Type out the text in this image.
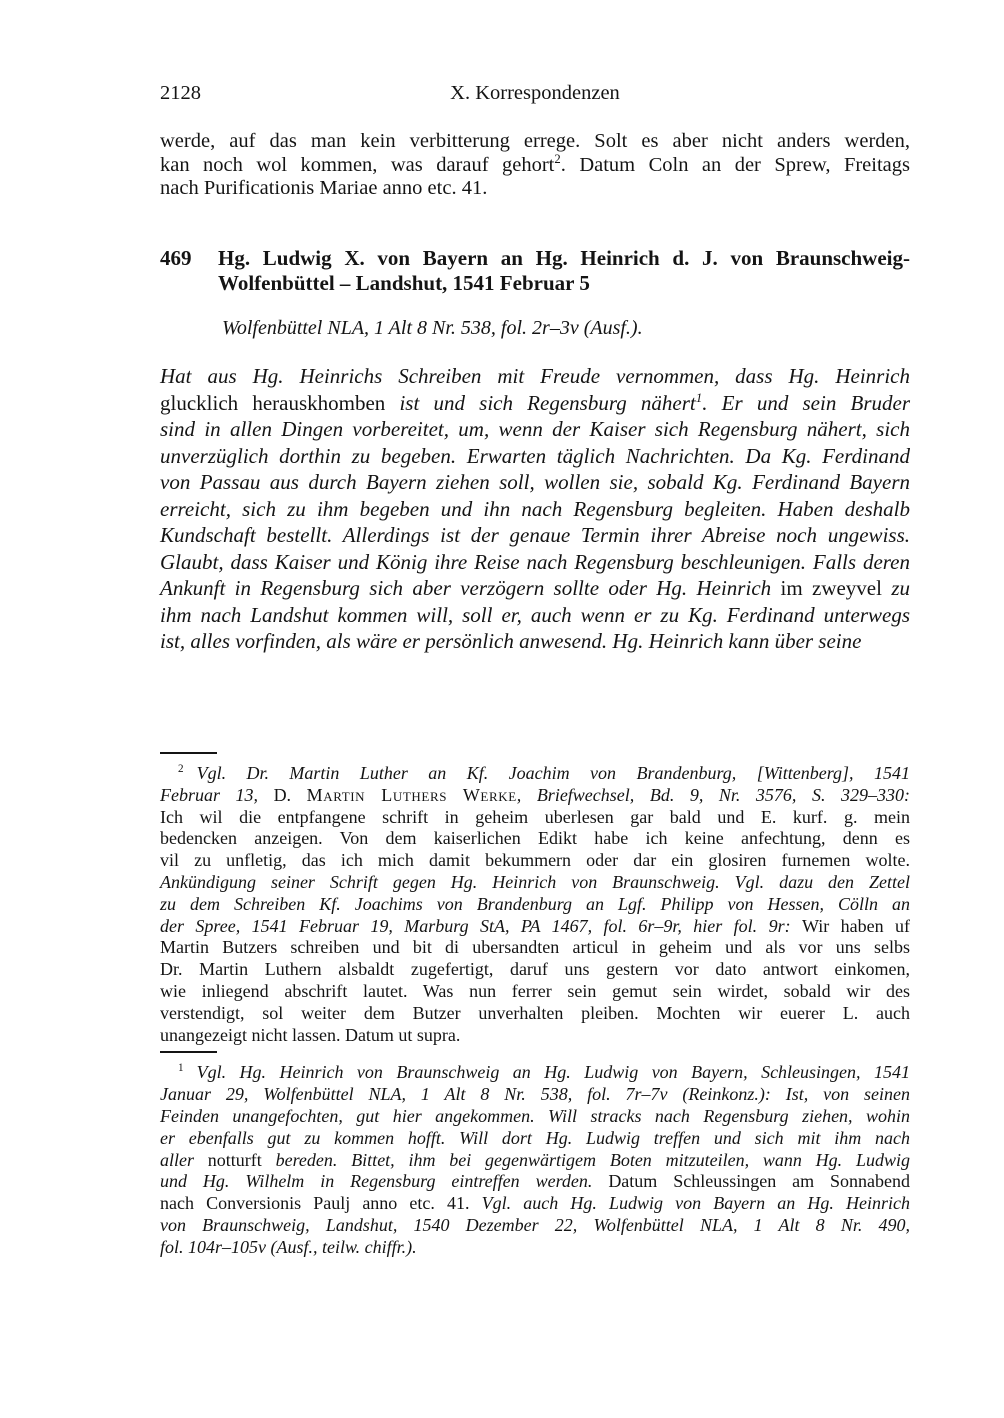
2128	X. Korrespondenzen
werde, auf das man kein verbitterung errege. Solt es aber nicht anders werden,
kan noch wol kommen, was darauf gehort$^2$. Datum Coln an der Sprew, Freitags
nach Purificationis Mariae anno etc. 41.
469	Hg. Ludwig X. von Bayern an Hg. Heinrich d. J. von Braunschweig-
Wolfenbüttel – Landshut, 1541 Februar 5
Wolfenbüttel NLA, 1 Alt 8 Nr. 538, fol. 2r–3v (Ausf.).
Hat aus Hg. Heinrichs Schreiben mit Freude vernommen, dass Hg. Heinrich
glucklich herauskhomben ist und sich Regensburg nähert$^1$. Er und sein Bruder
sind in allen Dingen vorbereitet, um, wenn der Kaiser sich Regensburg nähert, sich
unverzüglich dorthin zu begeben. Erwarten täglich Nachrichten. Da Kg. Ferdinand
von Passau aus durch Bayern ziehen soll, wollen sie, sobald Kg. Ferdinand Bayern
erreicht, sich zu ihm begeben und ihn nach Regensburg begleiten. Haben deshalb
Kundschaft bestellt. Allerdings ist der genaue Termin ihrer Abreise noch ungewiss.
Glaubt, dass Kaiser und König ihre Reise nach Regensburg beschleunigen. Falls deren
Ankunft in Regensburg sich aber verzögern sollte oder Hg. Heinrich im zweyvel zu
ihm nach Landshut kommen will, soll er, auch wenn er zu Kg. Ferdinand unterwegs
ist, alles vorfinden, als wäre er persönlich anwesend. Hg. Heinrich kann über seine
$^2$ Vgl. Dr. Martin Luther an Kf. Joachim von Brandenburg, [Wittenberg], 1541
Februar 13, D. Martin Luthers Werke, Briefwechsel, Bd. 9, Nr. 3576, S. 329–330:
Ich wil die entpfangene schrift in geheim uberlesen gar bald und E. kurf. g. mein
bedencken anzeigen. Von dem kaiserlichen Edikt habe ich keine anfechtung, denn es
vil zu unfletig, das ich mich damit bekummern oder dar ein glosiren furnemen wolte.
Ankündigung seiner Schrift gegen Hg. Heinrich von Braunschweig. Vgl. dazu den Zettel
zu dem Schreiben Kf. Joachims von Brandenburg an Lgf. Philipp von Hessen, Cölln an
der Spree, 1541 Februar 19, Marburg StA, PA 1467, fol. 6r–9r, hier fol. 9r: Wir haben uf
Martin Butzers schreiben und bit di ubersandten articul in geheim und als vor uns selbs
Dr. Martin Luthern alsbaldt zugefertigt, daruf uns gestern vor dato antwort einkomen,
wie inliegend abschrift lautet. Was nun ferrer sein gemut sein wirdet, sobald wir des
verstendigt, sol weiter dem Butzer unverhalten pleiben. Mochten wir euerer L. auch
unangezeigt nicht lassen. Datum ut supra.
$^1$ Vgl. Hg. Heinrich von Braunschweig an Hg. Ludwig von Bayern, Schleusingen, 1541
Januar 29, Wolfenbüttel NLA, 1 Alt 8 Nr. 538, fol. 7r–7v (Reinkonz.): Ist, von seinen
Feinden unangefochten, gut hier angekommen. Will stracks nach Regensburg ziehen, wohin
er ebenfalls gut zu kommen hofft. Will dort Hg. Ludwig treffen und sich mit ihm nach
aller notturft bereden. Bittet, ihm bei gegenwärtigem Boten mitzuteilen, wann Hg. Ludwig
und Hg. Wilhelm in Regensburg eintreffen werden. Datum Schleussingen am Sonnabend
nach Conversionis Paulj anno etc. 41. Vgl. auch Hg. Ludwig von Bayern an Hg. Heinrich
von Braunschweig, Landshut, 1540 Dezember 22, Wolfenbüttel NLA, 1 Alt 8 Nr. 490,
fol. 104r–105v (Ausf., teilw. chiffr.).
